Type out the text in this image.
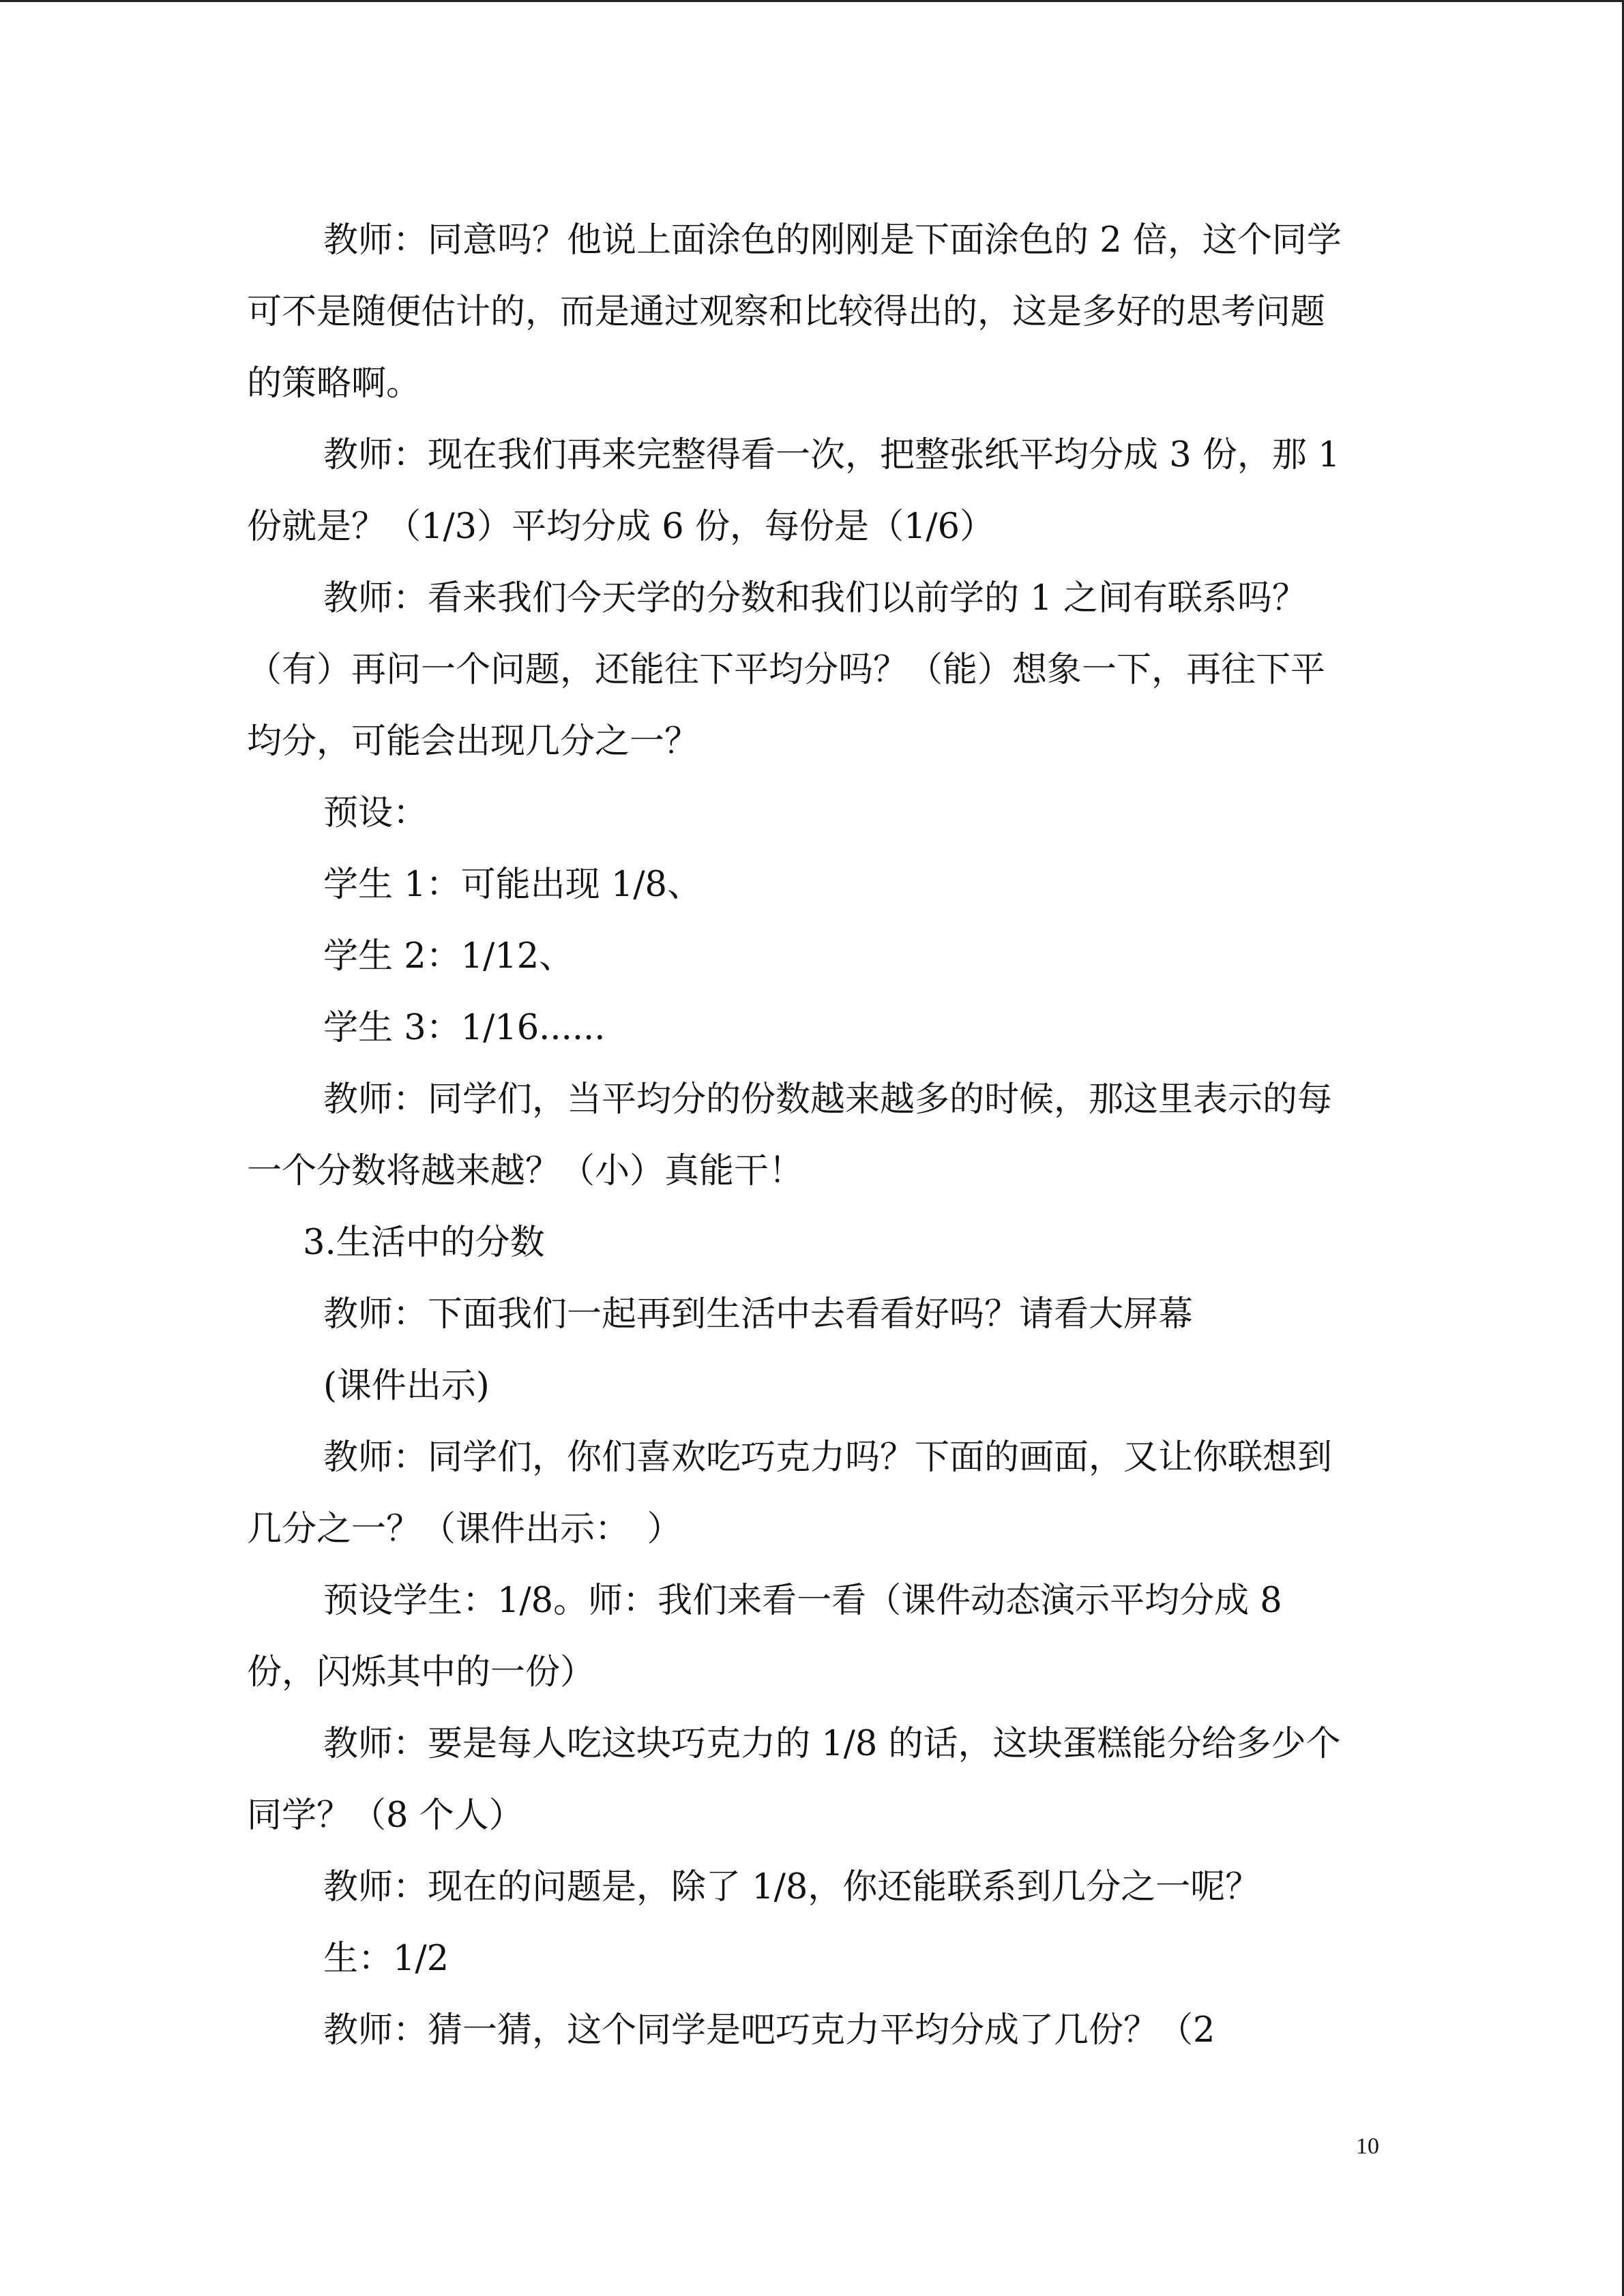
教师：同意吗？他说上面涂色的刚刚是下面涂色的 2 倍，这个同学可不是随便估计的，而是通过观察和比较得出的，这是多好的思考问题的策略啊。

教师：现在我们再来完整得看一次，把整张纸平均分成 3 份，那 1 份就是？（1/3）平均分成 6 份，每份是（1/6）

教师：看来我们今天学的分数和我们以前学的 1 之间有联系吗？（有）再问一个问题，还能往下平均分吗？（能）想象一下，再往下平均分，可能会出现几分之一？

预设：

学生 1：可能出现 1/8、

学生 2：1/12、

学生 3：1/16......

教师：同学们，当平均分的份数越来越多的时候，那这里表示的每一个分数将越来越？（小）真能干！

3.生活中的分数

教师：下面我们一起再到生活中去看看好吗？请看大屏幕

(课件出示)

教师：同学们，你们喜欢吃巧克力吗？下面的画面，又让你联想到几分之一？（课件出示：　）

预设学生：1/8。师：我们来看一看（课件动态演示平均分成 8 份，闪烁其中的一份）

教师：要是每人吃这块巧克力的 1/8 的话，这块蛋糕能分给多少个同学？（8 个人）

教师：现在的问题是，除了 1/8，你还能联系到几分之一呢？

生：1/2

教师：猜一猜，这个同学是吧巧克力平均分成了几份？（2

10
